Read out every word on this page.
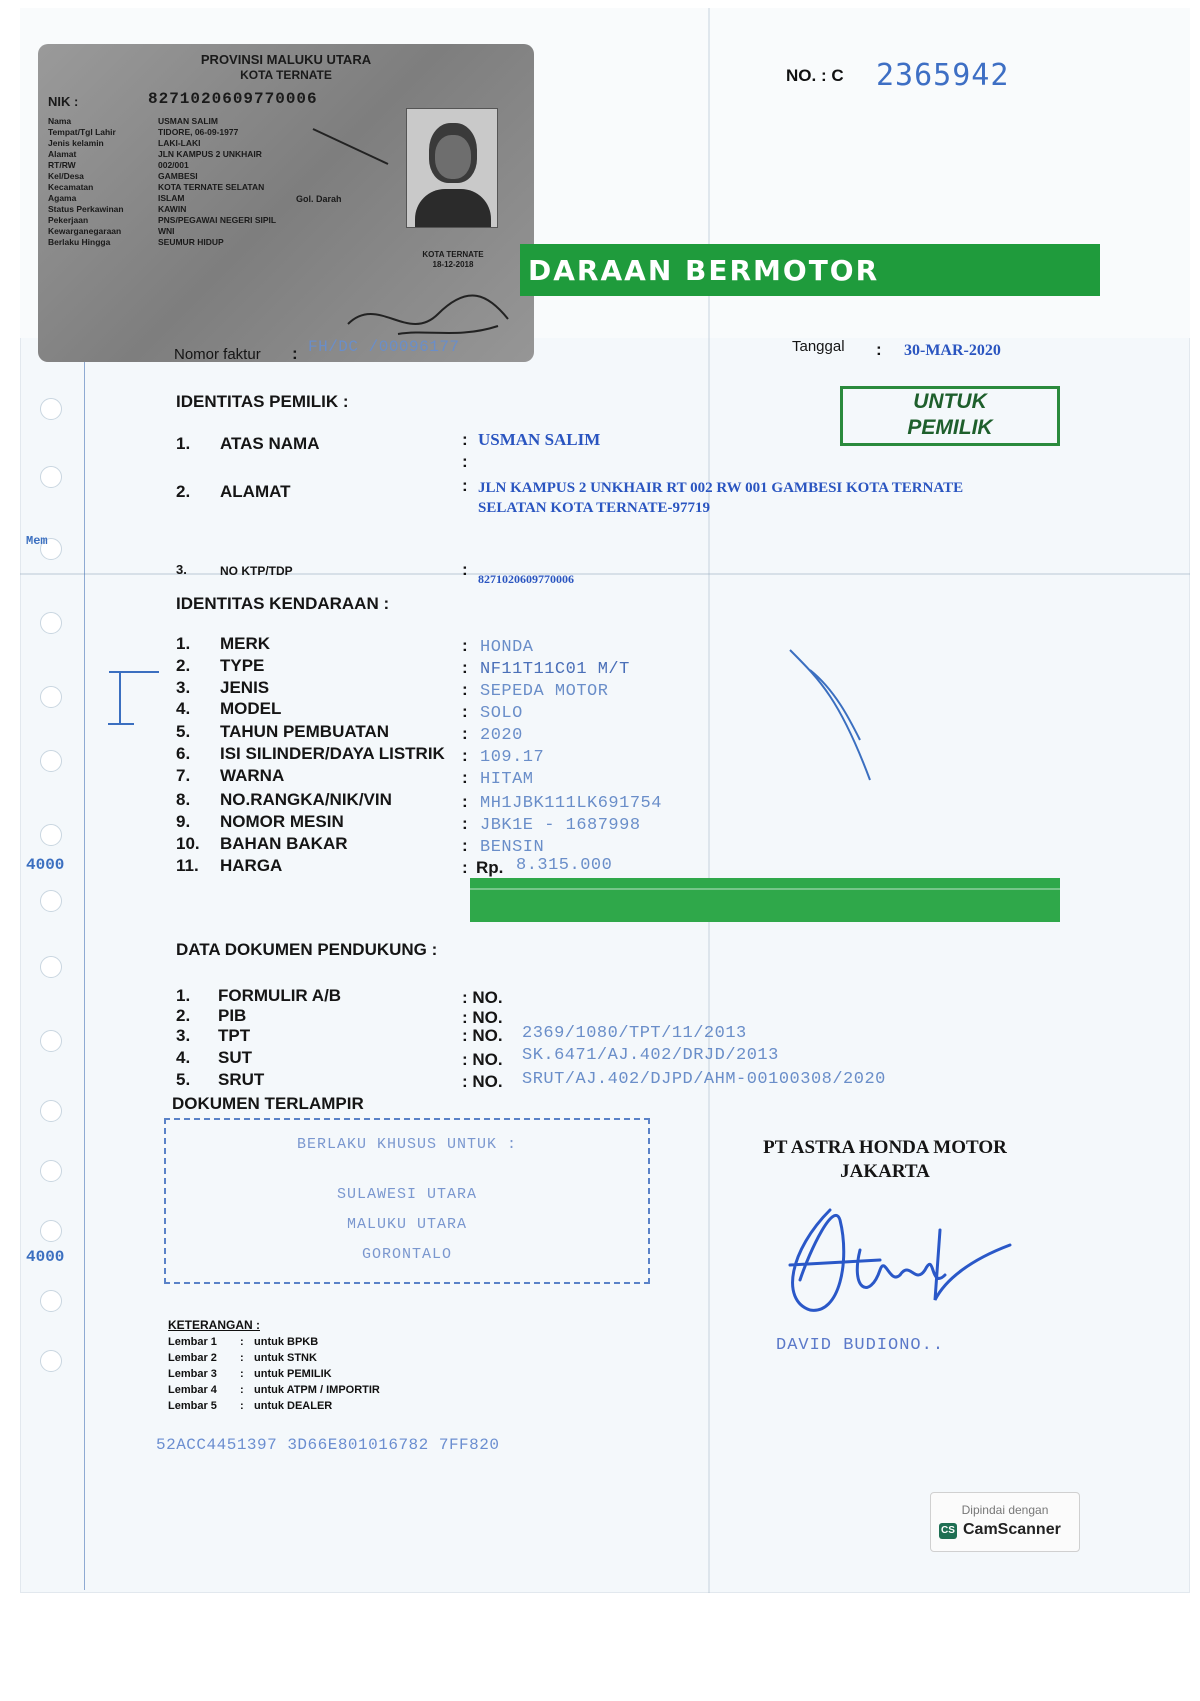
Mem
4000
4000
PROVINSI MALUKU UTARA
KOTA TERNATE
NIK :	8271020609770006
Nama	USMAN SALIM
Tempat/Tgl Lahir	TIDORE, 06-09-1977
Jenis kelamin	LAKI-LAKI
Alamat	JLN KAMPUS 2 UNKHAIR
RT/RW	002/001
Kel/Desa	GAMBESI
Kecamatan	KOTA TERNATE SELATAN
Agama	ISLAM
Status Perkawinan	KAWIN
Pekerjaan	PNS/PEGAWAI NEGERI SIPIL
Kewarganegaraan	WNI
Berlaku Hingga	SEUMUR HIDUP
Gol. Darah
KOTA TERNATE
18-12-2018
NO. : C 2365942
DARAAN BERMOTOR
Nomor faktur : FH/DC /00096177	Tanggal : 30-MAR-2020
UNTUK
PEMILIK
IDENTITAS PEMILIK :
1. ATAS NAMA	: USMAN SALIM
:
2. ALAMAT	: JLN KAMPUS 2 UNKHAIR RT 002 RW 001 GAMBESI KOTA TERNATE
SELATAN KOTA TERNATE-97719
3.	NO KTP/TDP	: 8271020609770006
IDENTITAS KENDARAAN :
1. MERK	: HONDA
2. TYPE	: NF11T11C01 M/T
3. JENIS	: SEPEDA MOTOR
4. MODEL	: SOLO
5. TAHUN PEMBUATAN	: 2020
6. ISI SILINDER/DAYA LISTRIK : 109.17
7. WARNA	: HITAM
8. NO.RANGKA/NIK/VIN	: MH1JBK111LK691754
9. NOMOR MESIN	: JBK1E - 1687998
10. BAHAN BAKAR	: BENSIN
11. HARGA	: Rp. 8.315.000
DATA DOKUMEN PENDUKUNG :
1. FORMULIR A/B	: NO.
2. PIB	: NO.
3. TPT	: NO. 2369/1080/TPT/11/2013
4. SUT	: NO. SK.6471/AJ.402/DRJD/2013
5. SRUT	: NO. SRUT/AJ.402/DJPD/AHM-00100308/2020
DOKUMEN TERLAMPIR
BERLAKU KHUSUS UNTUK :
SULAWESI UTARA
MALUKU UTARA
GORONTALO
PT ASTRA HONDA MOTOR
JAKARTA
DAVID BUDIONO..
KETERANGAN :
Lembar 1	: untuk BPKB
Lembar 2	: untuk STNK
Lembar 3	: untuk PEMILIK
Lembar 4	: untuk ATPM / IMPORTIR
Lembar 5	: untuk DEALER
52ACC4451397 3D66E801016782 7FF820
Dipindai dengan
CS CamScanner
